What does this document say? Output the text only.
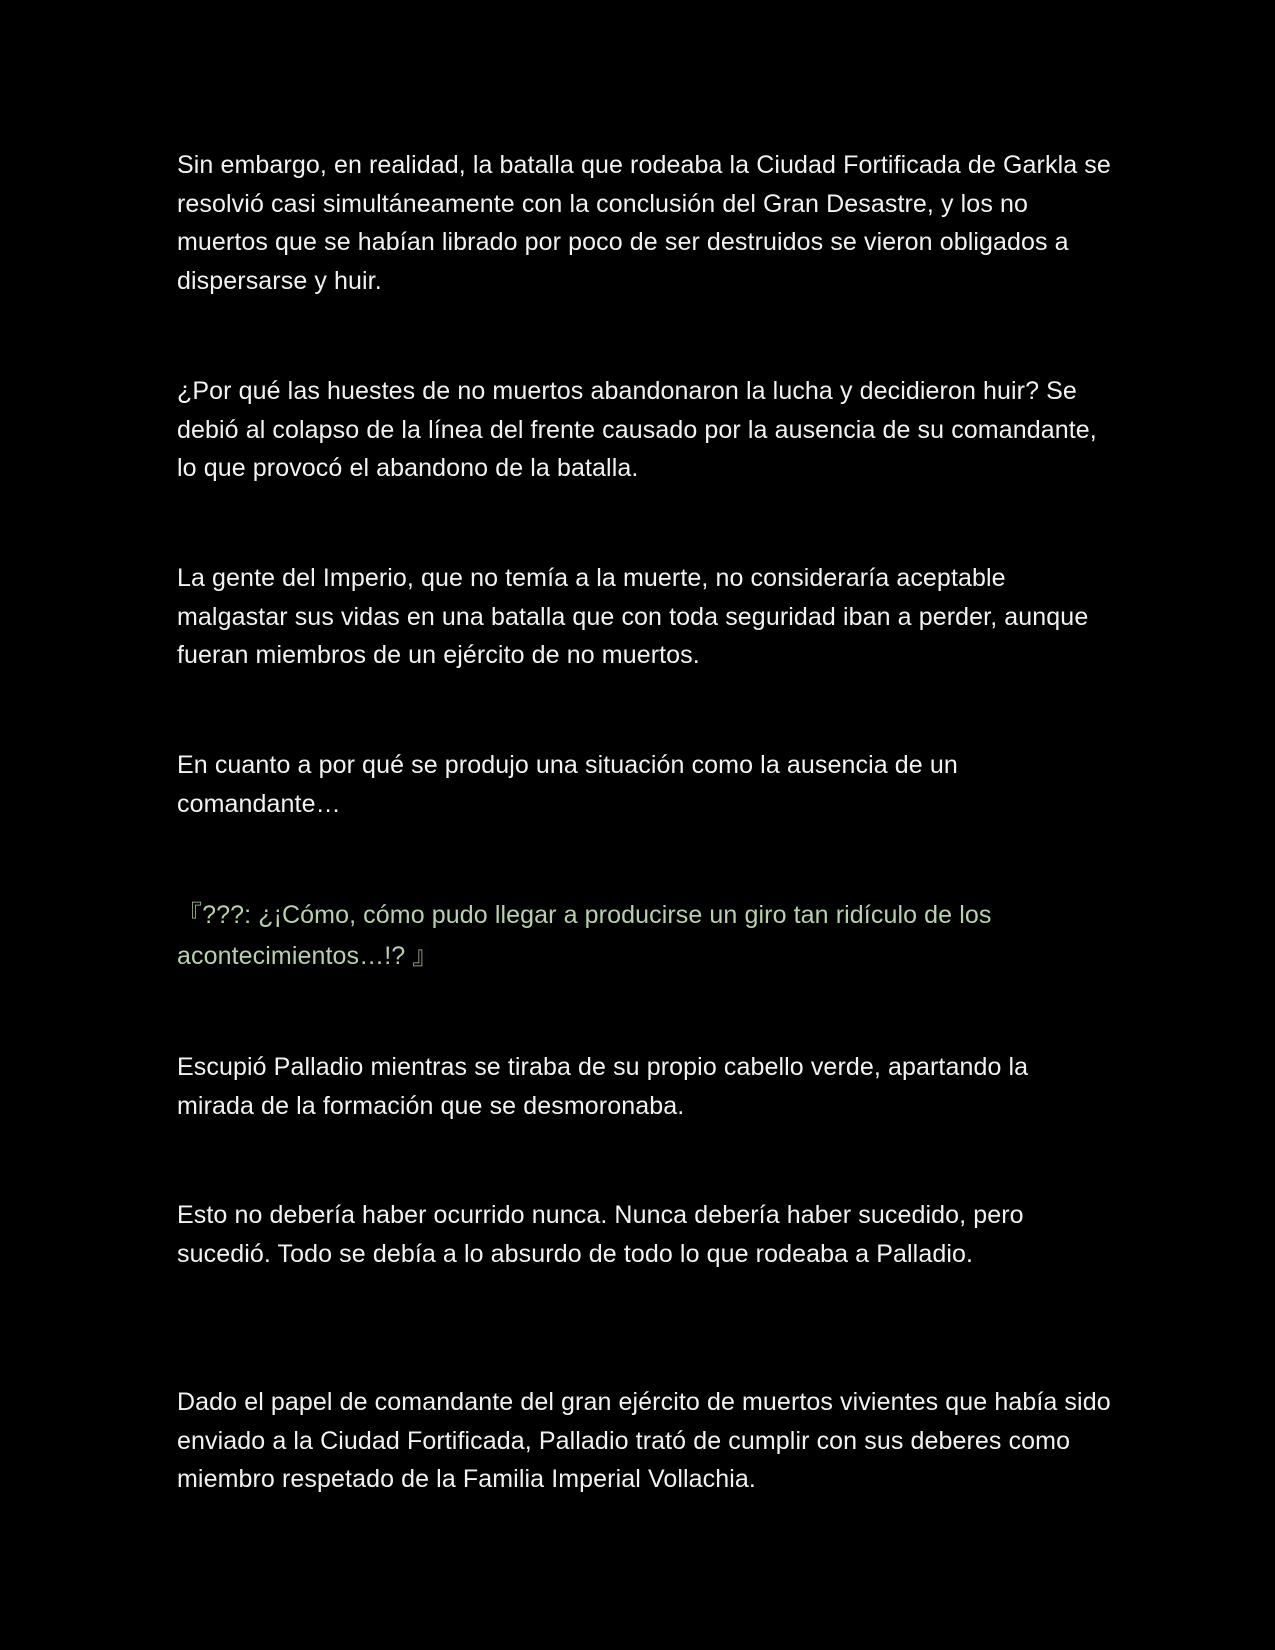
Sin embargo, en realidad, la batalla que rodeaba la Ciudad Fortificada de Garkla se resolvió casi simultáneamente con la conclusión del Gran Desastre, y los no muertos que se habían librado por poco de ser destruidos se vieron obligados a dispersarse y huir.

¿Por qué las huestes de no muertos abandonaron la lucha y decidieron huir? Se debió al colapso de la línea del frente causado por la ausencia de su comandante, lo que provocó el abandono de la batalla.

La gente del Imperio, que no temía a la muerte, no consideraría aceptable malgastar sus vidas en una batalla que con toda seguridad iban a perder, aunque fueran miembros de un ejército de no muertos.

En cuanto a por qué se produjo una situación como la ausencia de un comandante…

『???: ¿¡Cómo, cómo pudo llegar a producirse un giro tan ridículo de los acontecimientos…!? 』

Escupió Palladio mientras se tiraba de su propio cabello verde, apartando la mirada de la formación que se desmoronaba.

Esto no debería haber ocurrido nunca. Nunca debería haber sucedido, pero sucedió. Todo se debía a lo absurdo de todo lo que rodeaba a Palladio.

Dado el papel de comandante del gran ejército de muertos vivientes que había sido enviado a la Ciudad Fortificada, Palladio trató de cumplir con sus deberes como miembro respetado de la Familia Imperial Vollachia.
